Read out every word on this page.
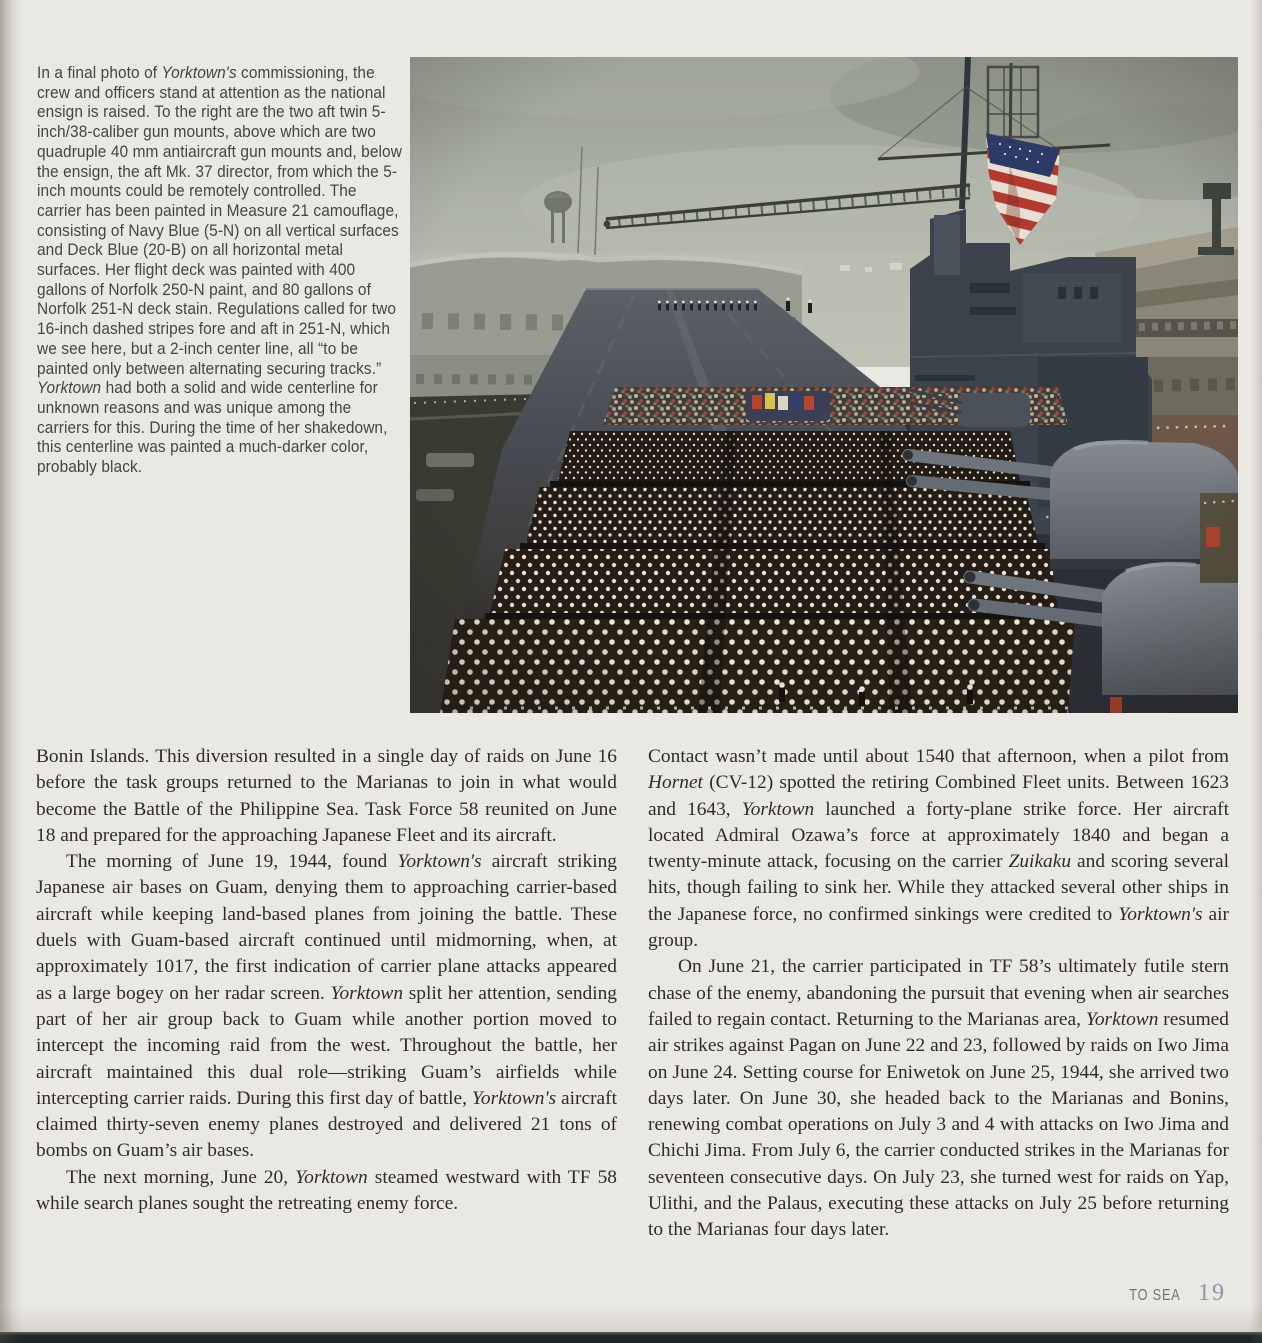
In a final photo of Yorktown's commissioning, the crew and officers stand at attention as the national ensign is raised. To the right are the two aft twin 5-inch/38-caliber gun mounts, above which are two quadruple 40 mm antiaircraft gun mounts and, below the ensign, the aft Mk. 37 director, from which the 5-inch mounts could be remotely controlled. The carrier has been painted in Measure 21 camouflage, consisting of Navy Blue (5-N) on all vertical surfaces and Deck Blue (20-B) on all horizontal metal surfaces. Her flight deck was painted with 400 gallons of Norfolk 250-N paint, and 80 gallons of Norfolk 251-N deck stain. Regulations called for two 16-inch dashed stripes fore and aft in 251-N, which we see here, but a 2-inch center line, all “to be painted only between alternating securing tracks.” Yorktown had both a solid and wide centerline for unknown reasons and was unique among the carriers for this. During the time of her shakedown, this centerline was painted a much-darker color, probably black.

Bonin Islands. This diversion resulted in a single day of raids on June 16 before the task groups returned to the Marianas to join in what would become the Battle of the Philippine Sea. Task Force 58 reunited on June 18 and prepared for the approaching Japanese Fleet and its aircraft.

The morning of June 19, 1944, found Yorktown's aircraft striking Japanese air bases on Guam, denying them to approaching carrier-based aircraft while keeping land-based planes from joining the battle. These duels with Guam-based aircraft continued until midmorning, when, at approximately 1017, the first indication of carrier plane attacks appeared as a large bogey on her radar screen. Yorktown split her attention, sending part of her air group back to Guam while another portion moved to intercept the incoming raid from the west. Throughout the battle, her aircraft maintained this dual role—striking Guam’s airfields while intercepting carrier raids. During this first day of battle, Yorktown's aircraft claimed thirty-seven enemy planes destroyed and delivered 21 tons of bombs on Guam’s air bases.

The next morning, June 20, Yorktown steamed westward with TF 58 while search planes sought the retreating enemy force.

Contact wasn’t made until about 1540 that afternoon, when a pilot from Hornet (CV-12) spotted the retiring Combined Fleet units. Between 1623 and 1643, Yorktown launched a forty-plane strike force. Her aircraft located Admiral Ozawa’s force at approximately 1840 and began a twenty-minute attack, focusing on the carrier Zuikaku and scoring several hits, though failing to sink her. While they attacked several other ships in the Japanese force, no confirmed sinkings were credited to Yorktown's air group.

On June 21, the carrier participated in TF 58’s ultimately futile stern chase of the enemy, abandoning the pursuit that evening when air searches failed to regain contact. Returning to the Marianas area, Yorktown resumed air strikes against Pagan on June 22 and 23, followed by raids on Iwo Jima on June 24. Setting course for Eniwetok on June 25, 1944, she arrived two days later. On June 30, she headed back to the Marianas and Bonins, renewing combat operations on July 3 and 4 with attacks on Iwo Jima and Chichi Jima. From July 6, the carrier conducted strikes in the Marianas for seventeen consecutive days. On July 23, she turned west for raids on Yap, Ulithi, and the Palaus, executing these attacks on July 25 before returning to the Marianas four days later.

TO SEA 19
